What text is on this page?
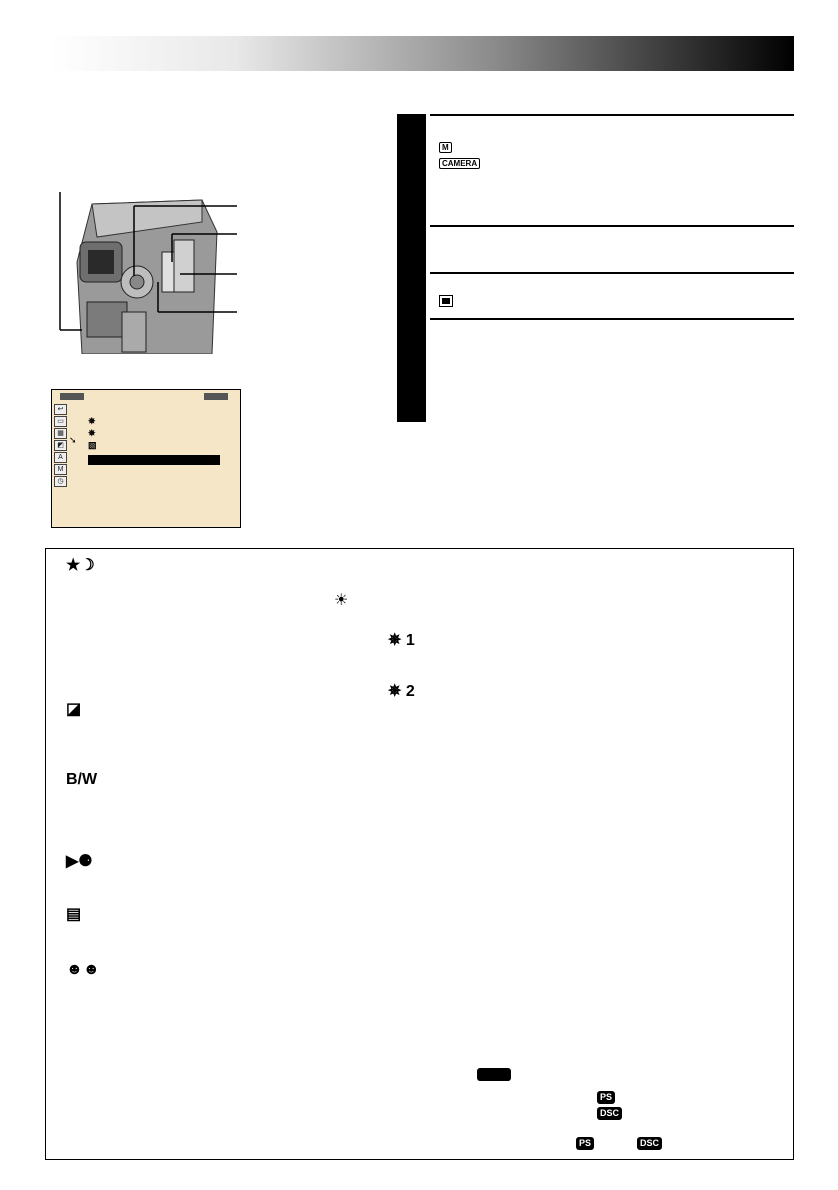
↩
▭
▦
◩
A
M
◷
➘
✵
✵
▧
M
CAMERA
★☽
☀
✵ 1
✵ 2
◪
B/W
▶⚈
▤
☻☻
PS
DSC
PS	DSC
